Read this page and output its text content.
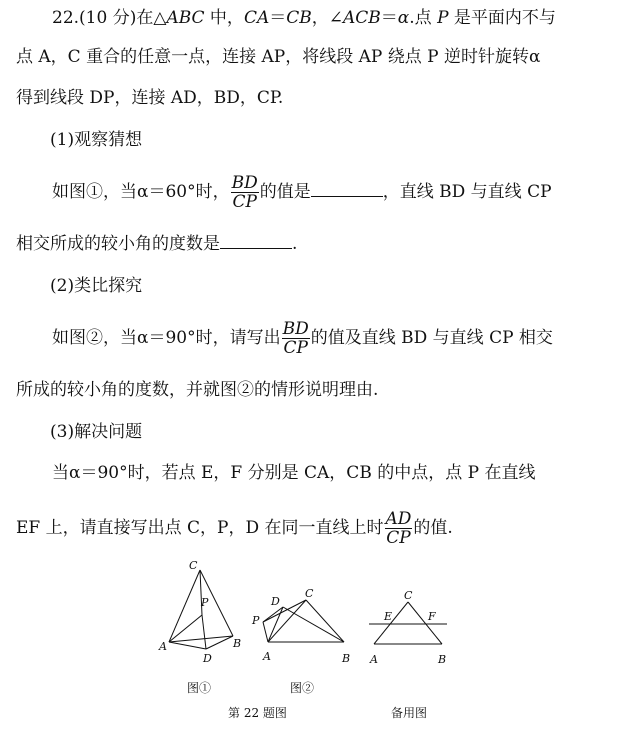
22.(10 分)在△ABC 中，CA＝CB，∠ACB＝α.点 P 是平面内不与
点 A，C 重合的任意一点，连接 AP，将线段 AP 绕点 P 逆时针旋转α
得到线段 DP，连接 AD，BD，CP.
(1)观察猜想
如图①，当α＝60°时， $\frac{BD}{CP}$ 的值是	，直线 BD 与直线 CP
相交所成的较小角的度数是	.
(2)类比探究
如图②，当α＝90°时，请写出 $\frac{BD}{CP}$ 的值及直线 BD 与直线 CP 相交
所成的较小角的度数，并就图②的情形说明理由.
(3)解决问题
当α＝90°时，若点 E，F 分别是 CA，CB 的中点，点 P 在直线
EF 上，请直接写出点 C，P，D 在同一直线上时 $\frac{AD}{CP}$ 的值.
C
P
A	B
D
C
D
P
A	B
C
E	F
A	B
图①	图②
第 22 题图	备用图
